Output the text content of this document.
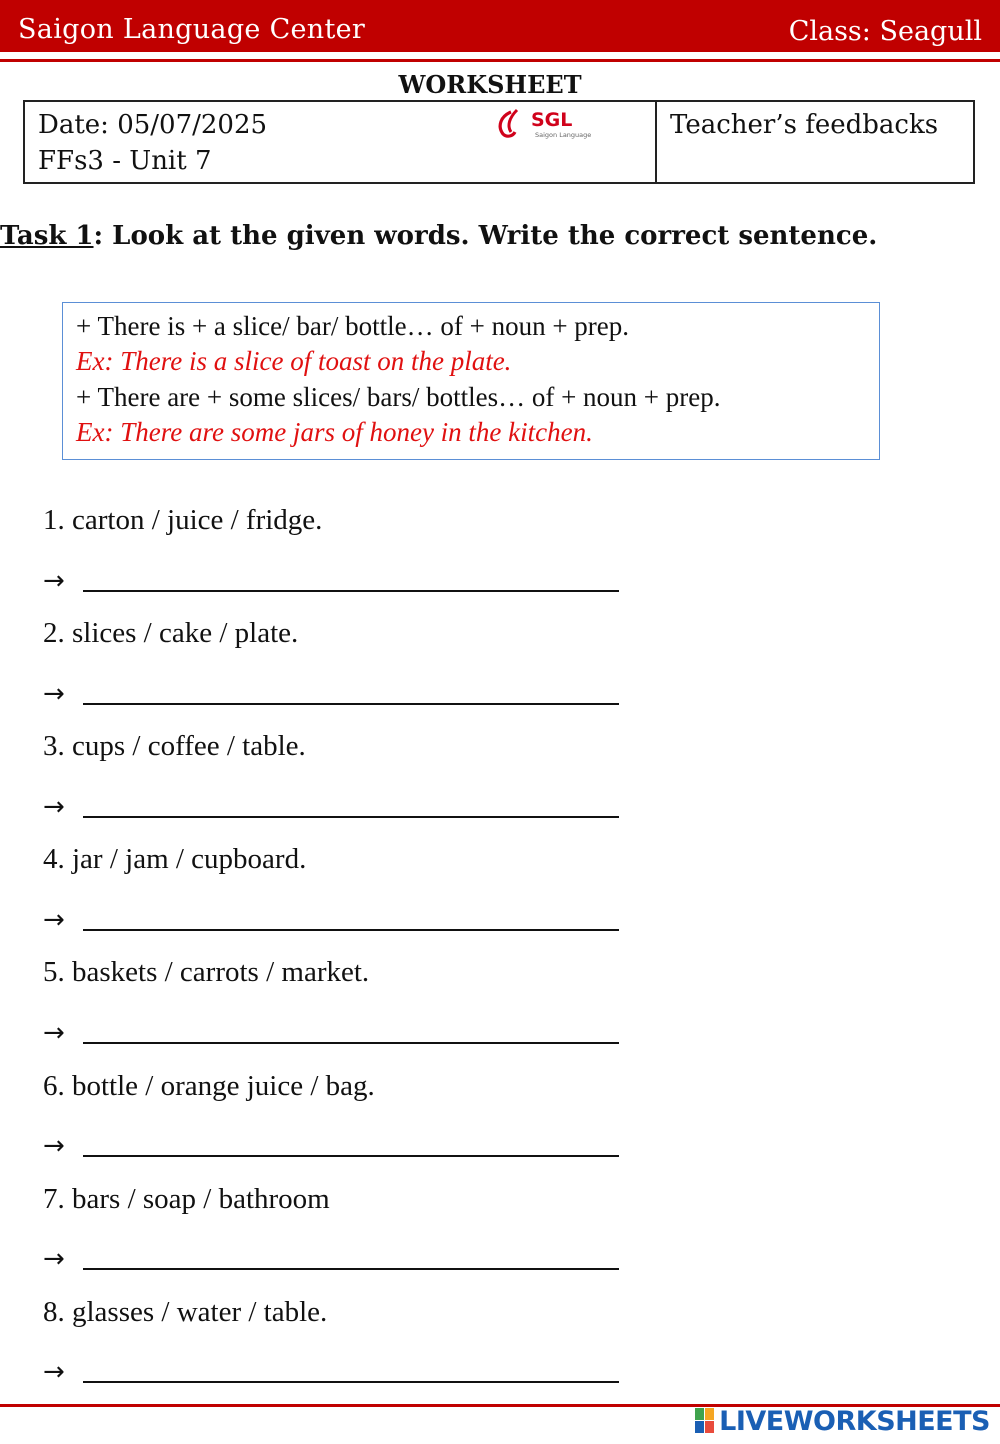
Saigon Language Center	Class: Seagull
WORKSHEET
Date: 05/07/2025
FFs3 - Unit 7
SGL
Saigon Language	Teacher’s feedbacks
Task 1: Look at the given words. Write the correct sentence.
+ There is + a slice/ bar/ bottle… of + noun + prep.
Ex: There is a slice of toast on the plate.
+ There are + some slices/ bars/ bottles… of + noun + prep.
Ex: There are some jars of honey in the kitchen.
1. carton / juice / fridge.
→
2. slices / cake / plate.
→
3. cups / coffee / table.
→
4. jar / jam / cupboard.
→
5. baskets / carrots / market.
→
6. bottle / orange juice / bag.
→
7. bars / soap / bathroom
→
8. glasses / water / table.
→
LIVEWORKSHEETS
